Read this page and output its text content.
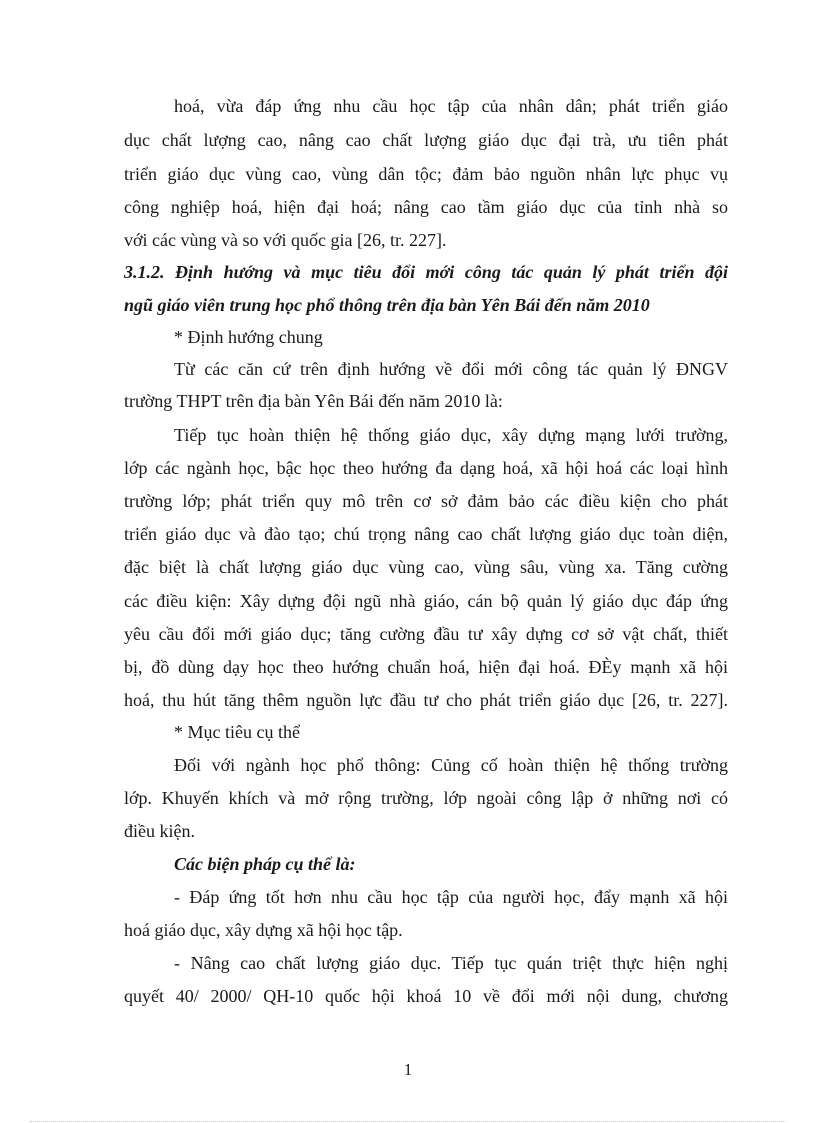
hoá, vừa đáp ứng nhu cầu học tập của nhân dân; phát triển giáo
dục chất lượng cao, nâng cao chất lượng giáo dục đại trà, ưu tiên phát
triển giáo dục vùng cao, vùng dân tộc; đảm bảo nguồn nhân lực phục vụ
công nghiệp hoá, hiện đại hoá; nâng cao tầm giáo dục của tỉnh nhà so
với các vùng và so với quốc gia [26, tr. 227].
3.1.2. Định hướng và mục tiêu đổi mới công tác quản lý phát triển đội
ngũ giáo viên trung học phổ thông trên địa bàn Yên Bái đến năm 2010
* Định hướng chung
Từ các căn cứ trên định hướng về đổi mới công tác quản lý ĐNGV
trường THPT trên địa bàn Yên Bái đến năm 2010 là:
Tiếp tục hoàn thiện hệ thống giáo dục, xây dựng mạng lưới trường,
lớp các ngành học, bậc học theo hướng đa dạng hoá, xã hội hoá các loại hình
trường lớp; phát triển quy mô trên cơ sở đảm bảo các điều kiện cho phát
triển giáo dục và đào tạo; chú trọng nâng cao chất lượng giáo dục toàn diện,
đặc biệt là chất lượng giáo dục vùng cao, vùng sâu, vùng xa. Tăng cường
các điều kiện: Xây dựng đội ngũ nhà giáo, cán bộ quản lý giáo dục đáp ứng
yêu cầu đổi mới giáo dục; tăng cường đầu tư xây dựng cơ sở vật chất, thiết
bị, đồ dùng dạy học theo hướng chuẩn hoá, hiện đại hoá. ĐÈy mạnh xã hội
hoá, thu hút tăng thêm nguồn lực đầu tư cho phát triển giáo dục [26, tr. 227].
* Mục tiêu cụ thể
Đối với ngành học phổ thông: Củng cố hoàn thiện hệ thống trường
lớp. Khuyến khích và mở rộng trường, lớp ngoài công lập ở những nơi có
điều kiện.
Các biện pháp cụ thể là:
- Đáp ứng tốt hơn nhu cầu học tập của người học, đẩy mạnh xã hội
hoá giáo dục, xây dựng xã hội học tập.
- Nâng cao chất lượng giáo dục. Tiếp tục quán triệt thực hiện nghị
quyết 40/ 2000/ QH-10 quốc hội khoá 10 về đổi mới nội dung, chương
1
